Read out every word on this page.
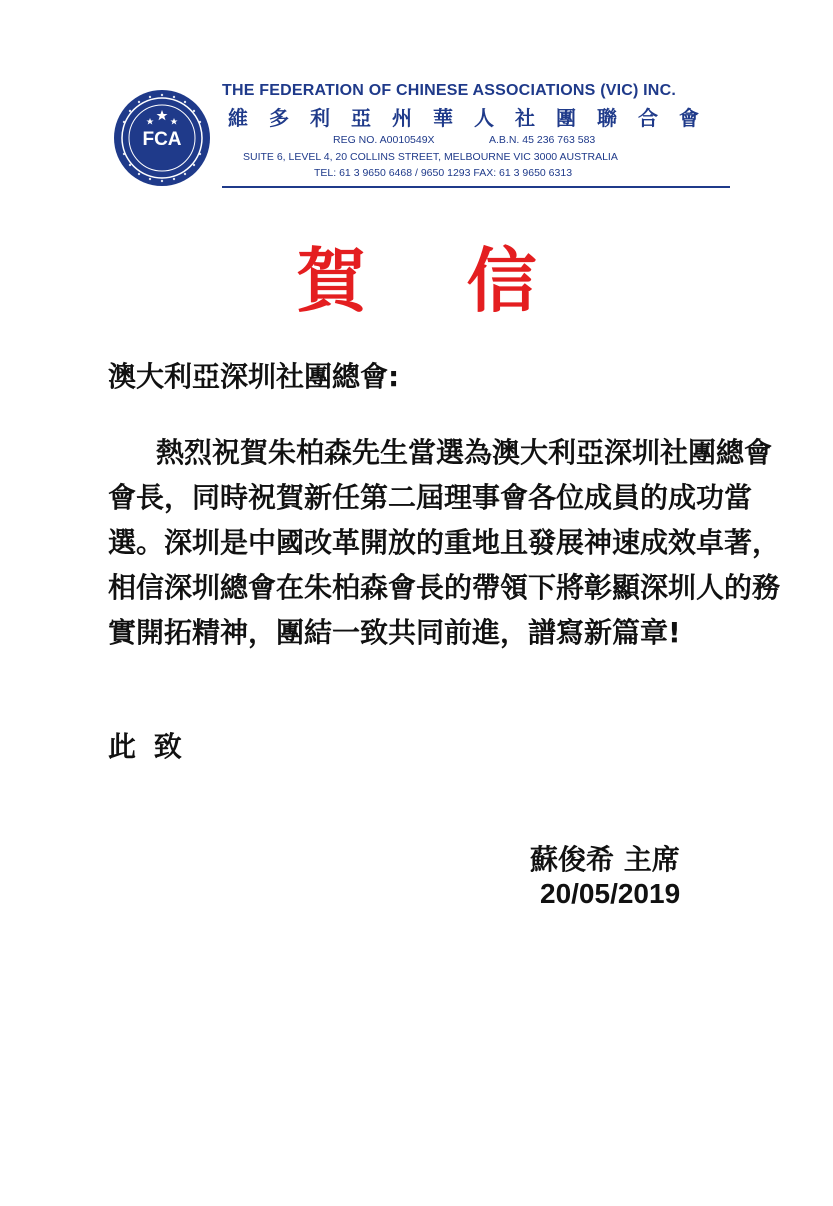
FCA
THE FEDERATION OF CHINESE ASSOCIATIONS (VIC) INC.
維多利亞州華人社團聯合會
REG NO. A0010549X	A.B.N. 45 236 763 583
SUITE 6, LEVEL 4, 20 COLLINS STREET, MELBOURNE VIC 3000 AUSTRALIA
TEL: 61 3 9650 6468 / 9650 1293 FAX: 61 3 9650 6313
賀 信
澳大利亞深圳社團總會:

熱烈祝賀朱柏森先生當選為澳大利亞深圳社團總會會長，同時祝賀新任第二屆理事會各位成員的成功當選。深圳是中國改革開放的重地且發展神速成效卓著，相信深圳總會在朱柏森會長的帶領下將彰顯深圳人的務實開拓精神，團結一致共同前進，譜寫新篇章!

此 致
蘇俊希 主席
20/05/2019
